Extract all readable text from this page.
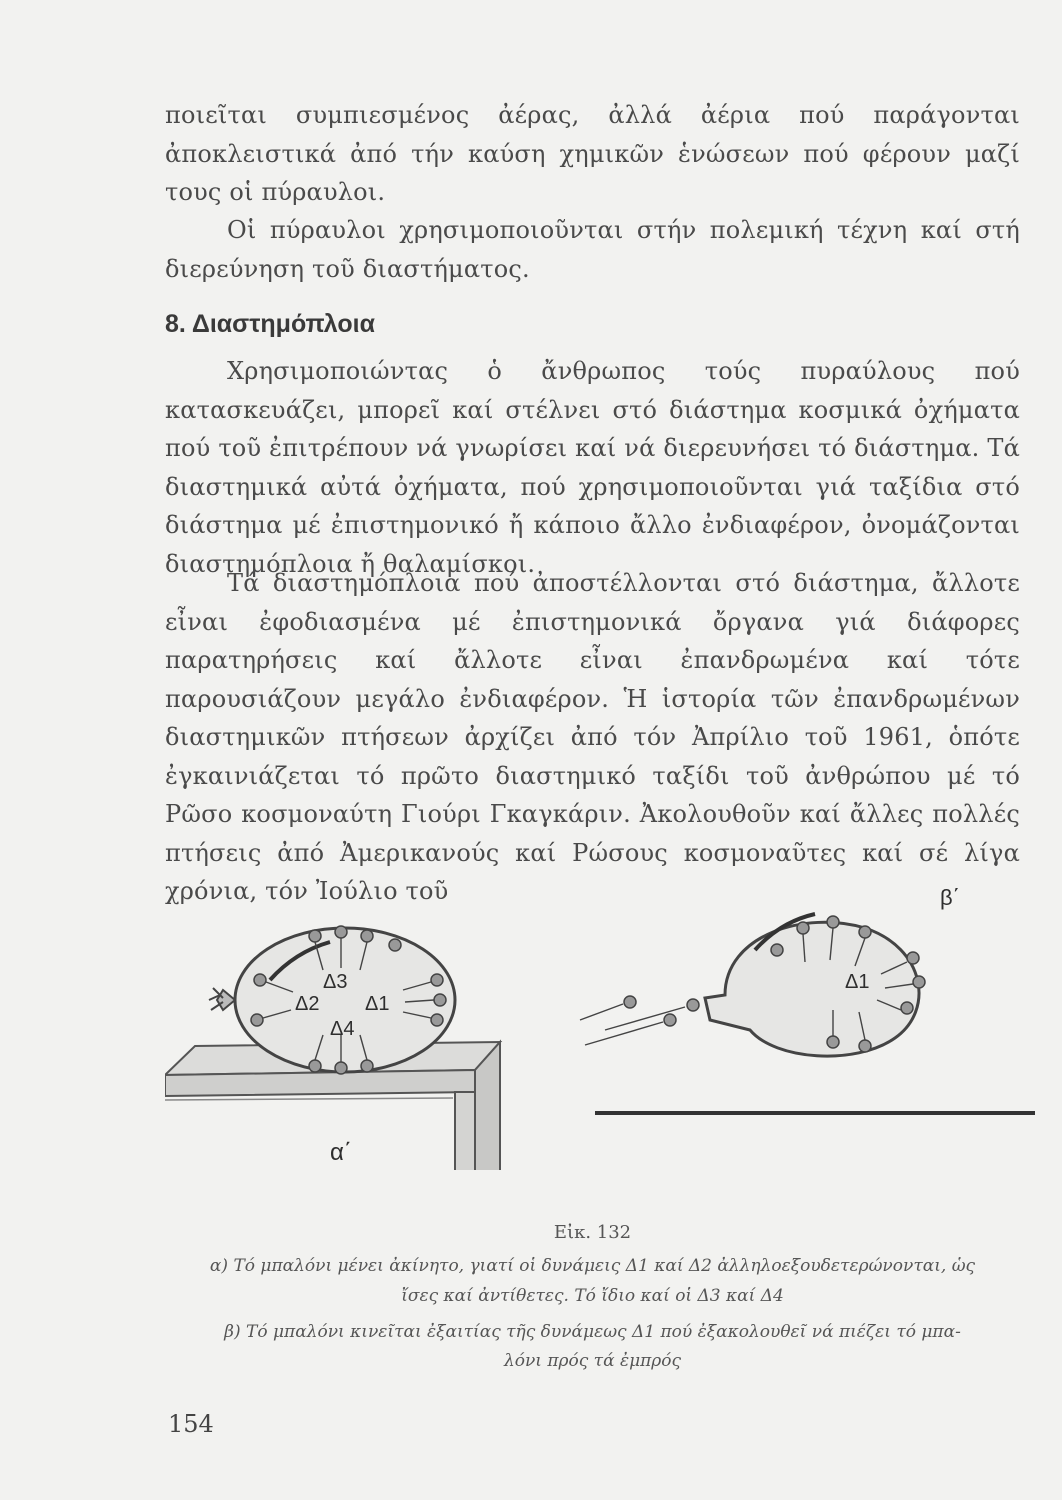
ποιεῖται συμπιεσμένος ἀέρας, ἀλλά ἀέρια πού παράγονται ἀποκλειστικά ἀπό τήν καύση χημικῶν ἑνώσεων πού φέρουν μαζί τους οἱ πύραυλοι.

Οἱ πύραυλοι χρησιμοποιοῦνται στήν πολεμική τέχνη καί στή διερεύνηση τοῦ διαστήματος.

8. Διαστημόπλοια

Χρησιμοποιώντας ὁ ἄνθρωπος τούς πυραύλους πού κατασκευάζει, μπορεῖ καί στέλνει στό διάστημα κοσμικά ὀχήματα πού τοῦ ἐπιτρέπουν νά γνωρίσει καί νά διερευνήσει τό διάστημα. Τά διαστημικά αὐτά ὀχήματα, πού χρησιμοποιοῦνται γιά ταξίδια στό διάστημα μέ ἐπιστημονικό ἤ κάποιο ἄλλο ἐνδιαφέρον, ὀνομάζονται διαστημόπλοια ἤ θαλαμίσκοι.

Τά διαστημόπλοια πού ἀποστέλλονται στό διάστημα, ἄλλοτε εἶναι ἐφοδιασμένα μέ ἐπιστημονικά ὄργανα γιά διάφορες παρατηρήσεις καί ἄλλοτε εἶναι ἐπανδρωμένα καί τότε παρουσιάζουν μεγάλο ἐνδιαφέρον. Ἡ ἱστορία τῶν ἐπανδρωμένων διαστημικῶν πτήσεων ἀρχίζει ἀπό τόν Ἀπρίλιο τοῦ 1961, ὁπότε ἐγκαινιάζεται τό πρῶτο διαστημικό ταξίδι τοῦ ἀνθρώπου μέ τό Ρῶσο κοσμοναύτη Γιούρι Γκαγκάριν. Ἀκολουθοῦν καί ἄλλες πολλές πτήσεις ἀπό Ἀμερικανούς καί Ρώσους κοσμοναῦτες καί σέ λίγα χρόνια, τόν Ἰούλιο τοῦ

Δ3
Δ2 Δ1
Δ4
α΄
Δ1
β΄
Εἰκ. 132
α) Τό μπαλόνι μένει ἀκίνητο, γιατί οἱ δυνάμεις Δ1 καί Δ2 ἀλληλοεξουδετερώνονται, ὡς
ἴσες καί ἀντίθετες. Τό ἴδιο καί οἱ Δ3 καί Δ4
β) Τό μπαλόνι κινεῖται ἐξαιτίας τῆς δυνάμεως Δ1 πού ἐξακολουθεῖ νά πιέζει τό μπα-
λόνι πρός τά ἐμπρός
154
